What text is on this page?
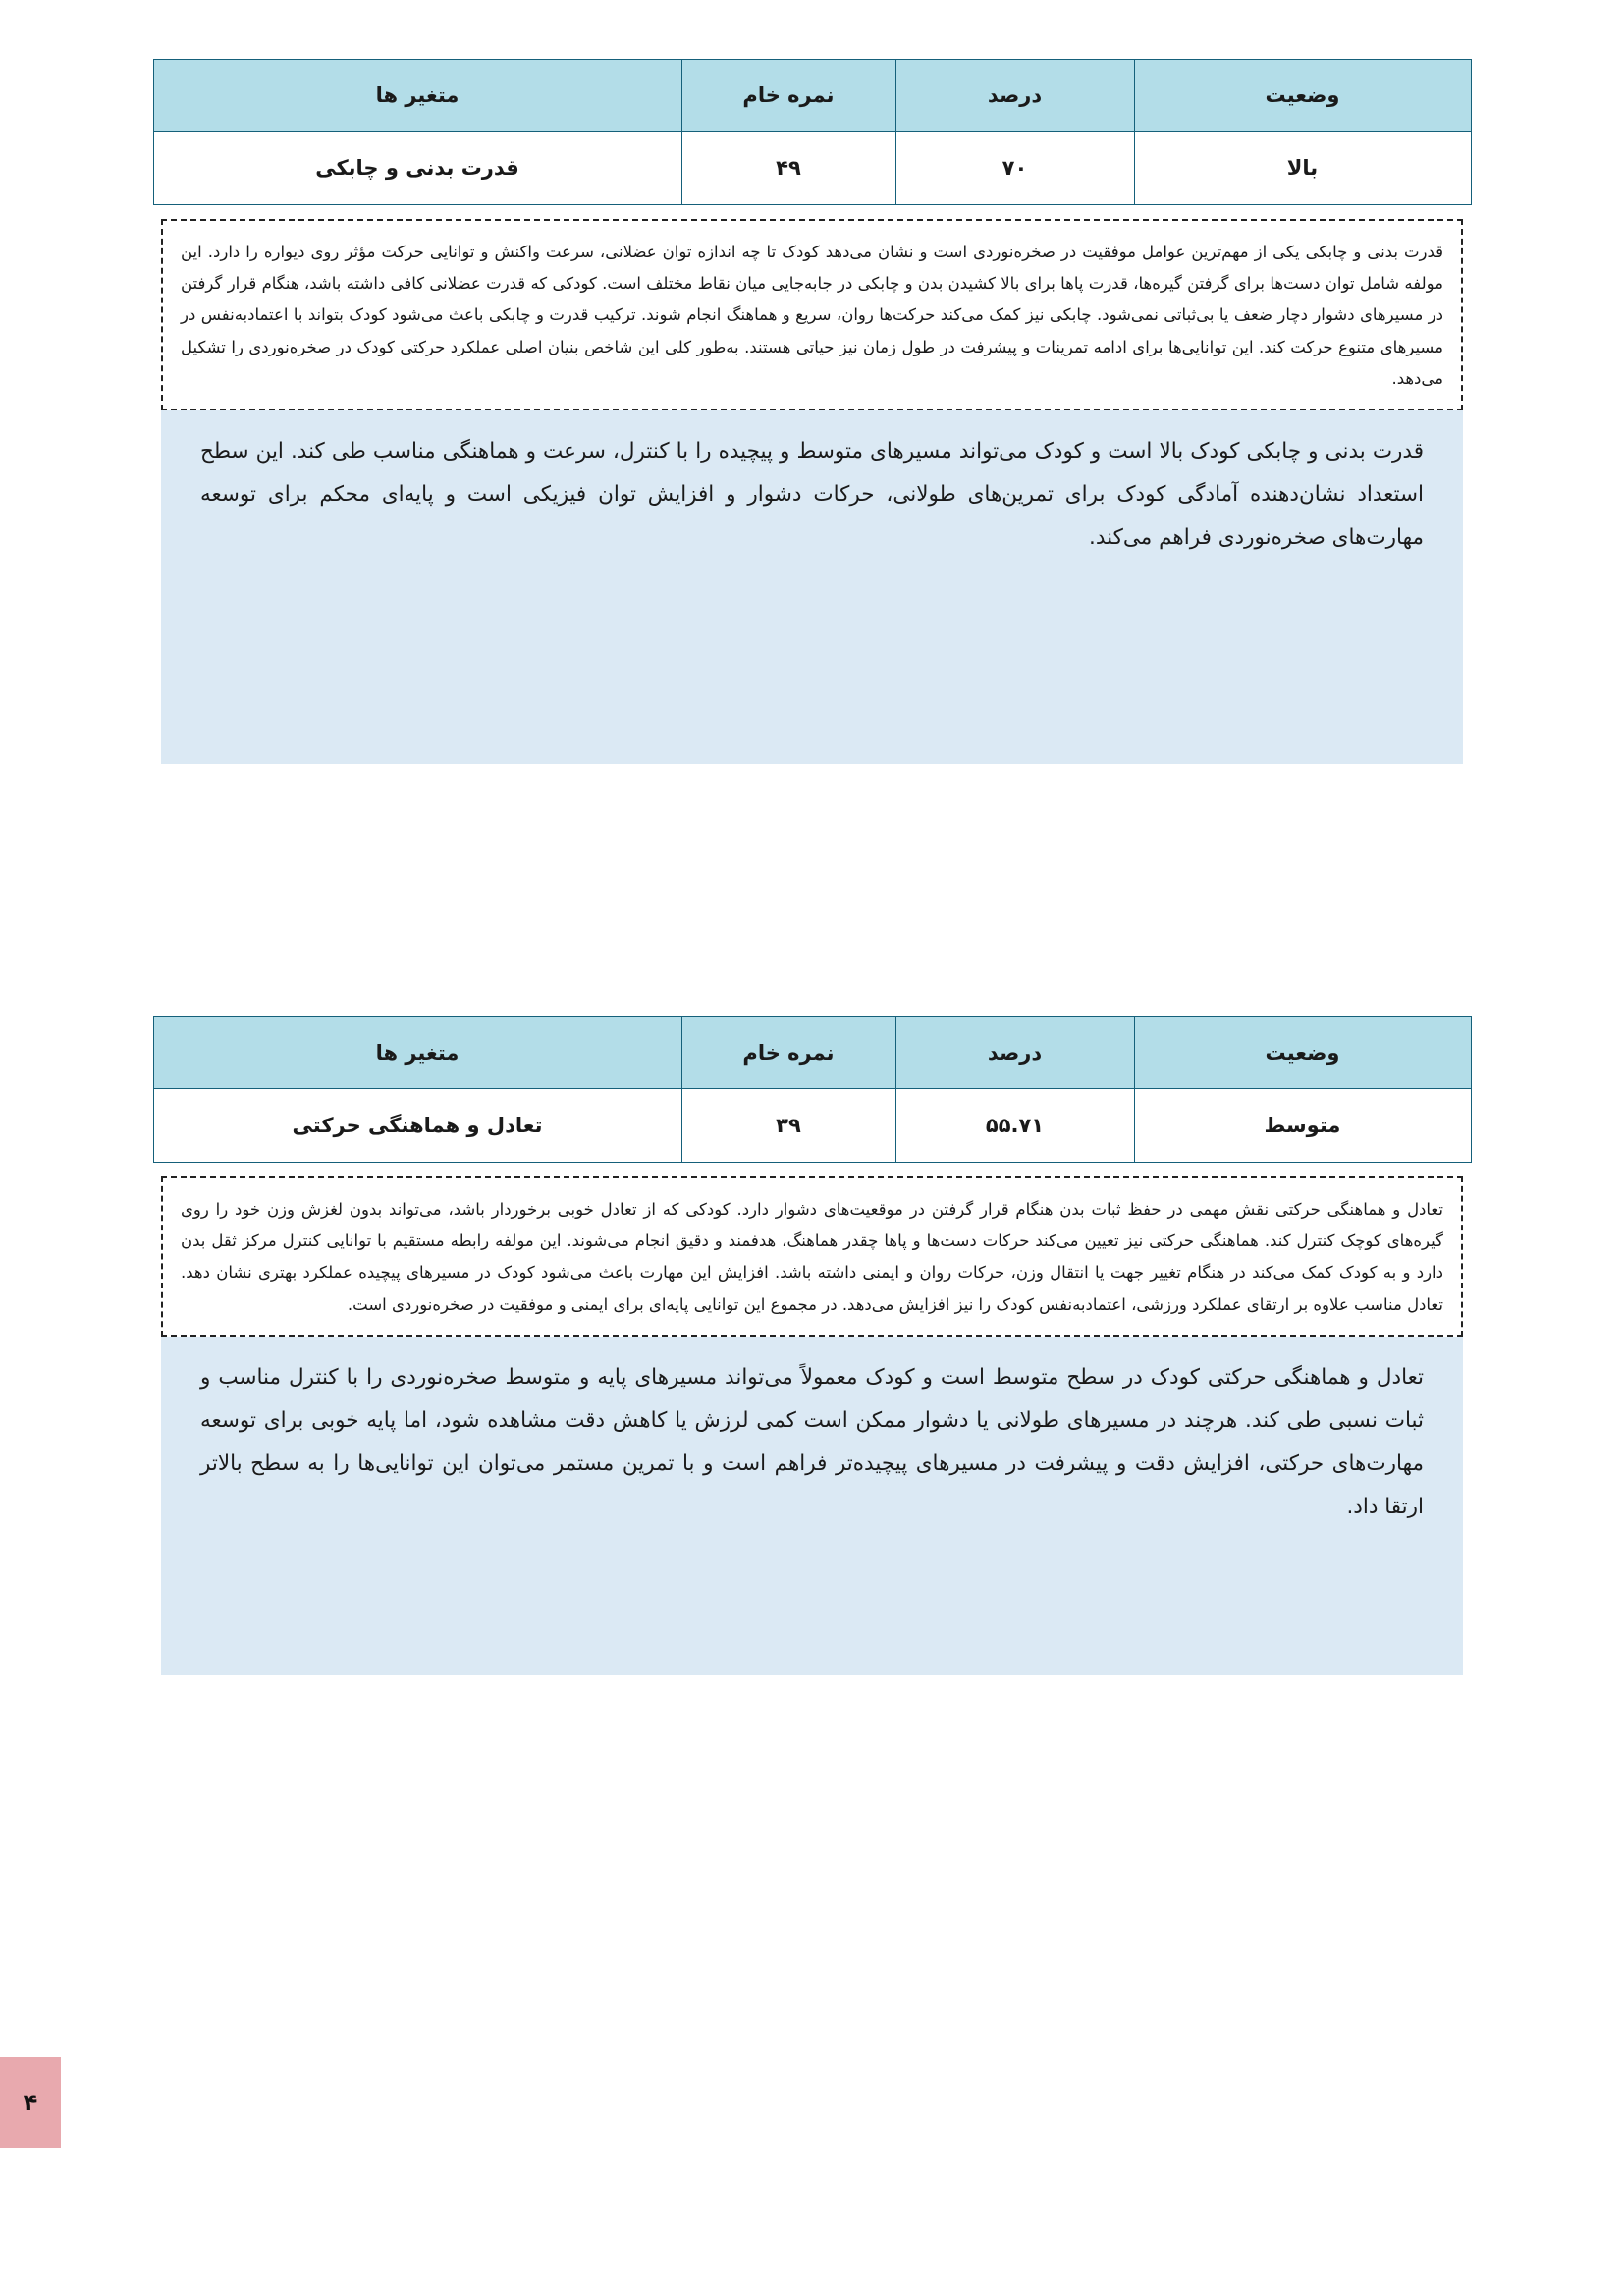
وضعیت	درصد	نمره خام	متغیر ها
بالا	۷۰	۴۹	قدرت بدنی و چابکی

قدرت بدنی و چابکی یکی از مهم‌ترین عوامل موفقیت در صخره‌نوردی است و نشان می‌دهد کودک تا چه اندازه توان عضلانی، سرعت واکنش و توانایی حرکت مؤثر روی دیواره را دارد. این مولفه شامل توان دست‌ها برای گرفتن گیره‌ها، قدرت پاها برای بالا کشیدن بدن و چابکی در جابه‌جایی میان نقاط مختلف است. کودکی که قدرت عضلانی کافی داشته باشد، هنگام قرار گرفتن در مسیرهای دشوار دچار ضعف یا بی‌ثباتی نمی‌شود. چابکی نیز کمک می‌کند حرکت‌ها روان، سریع و هماهنگ انجام شوند. ترکیب قدرت و چابکی باعث می‌شود کودک بتواند با اعتمادبه‌نفس در مسیرهای متنوع حرکت کند. این توانایی‌ها برای ادامه تمرینات و پیشرفت در طول زمان نیز حیاتی هستند. به‌طور کلی این شاخص بنیان اصلی عملکرد حرکتی کودک در صخره‌نوردی را تشکیل می‌دهد.

قدرت بدنی و چابکی کودک بالا است و کودک می‌تواند مسیرهای متوسط و پیچیده را با کنترل، سرعت و هماهنگی مناسب طی کند. این سطح استعداد نشان‌دهنده آمادگی کودک برای تمرین‌های طولانی، حرکات دشوار و افزایش توان فیزیکی است و پایه‌ای محکم برای توسعه مهارت‌های صخره‌نوردی فراهم می‌کند.

وضعیت	درصد	نمره خام	متغیر ها
متوسط	۵۵.۷۱	۳۹	تعادل و هماهنگی حرکتی

تعادل و هماهنگی حرکتی نقش مهمی در حفظ ثبات بدن هنگام قرار گرفتن در موقعیت‌های دشوار دارد. کودکی که از تعادل خوبی برخوردار باشد، می‌تواند بدون لغزش وزن خود را روی گیره‌های کوچک کنترل کند. هماهنگی حرکتی نیز تعیین می‌کند حرکات دست‌ها و پاها چقدر هماهنگ، هدفمند و دقیق انجام می‌شوند. این مولفه رابطه مستقیم با توانایی کنترل مرکز ثقل بدن دارد و به کودک کمک می‌کند در هنگام تغییر جهت یا انتقال وزن، حرکات روان و ایمنی داشته باشد. افزایش این مهارت باعث می‌شود کودک در مسیرهای پیچیده عملکرد بهتری نشان دهد. تعادل مناسب علاوه بر ارتقای عملکرد ورزشی، اعتمادبه‌نفس کودک را نیز افزایش می‌دهد. در مجموع این توانایی پایه‌ای برای ایمنی و موفقیت در صخره‌نوردی است.

تعادل و هماهنگی حرکتی کودک در سطح متوسط است و کودک معمولاً می‌تواند مسیرهای پایه و متوسط صخره‌نوردی را با کنترل مناسب و ثبات نسبی طی کند. هرچند در مسیرهای طولانی یا دشوار ممکن است کمی لرزش یا کاهش دقت مشاهده شود، اما پایه خوبی برای توسعه مهارت‌های حرکتی، افزایش دقت و پیشرفت در مسیرهای پیچیده‌تر فراهم است و با تمرین مستمر می‌توان این توانایی‌ها را به سطح بالاتر ارتقا داد.

۴
